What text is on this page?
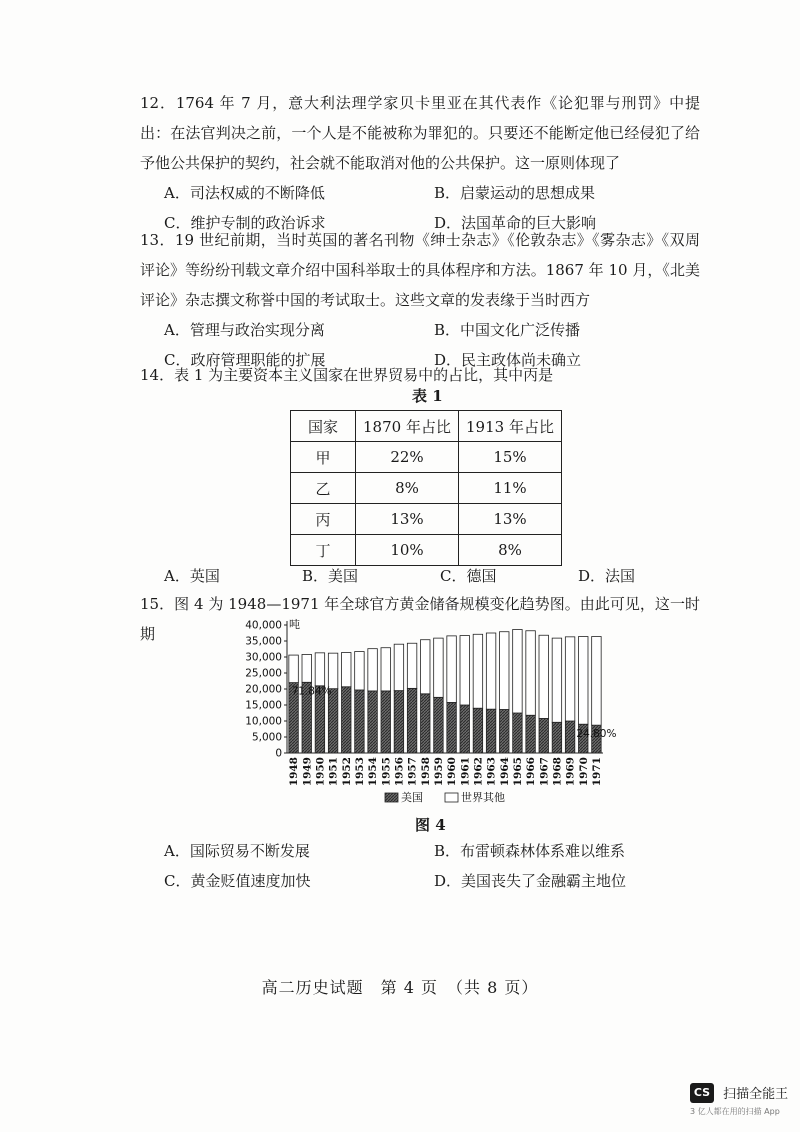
12．1764 年 7 月，意大利法理学家贝卡里亚在其代表作《论犯罪与刑罚》中提出：在法官判决之前，一个人是不能被称为罪犯的。只要还不能断定他已经侵犯了给予他公共保护的契约，社会就不能取消对他的公共保护。这一原则体现了

A．司法权威的不断降低	B．启蒙运动的思想成果
C．维护专制的政治诉求	D．法国革命的巨大影响

13．19 世纪前期，当时英国的著名刊物《绅士杂志》《伦敦杂志》《雾杂志》《双周评论》等纷纷刊载文章介绍中国科举取士的具体程序和方法。1867 年 10 月，《北美评论》杂志撰文称誉中国的考试取士。这些文章的发表缘于当时西方

A．管理与政治实现分离	B．中国文化广泛传播
C．政府管理职能的扩展	D．民主政体尚未确立

14．表 1 为主要资本主义国家在世界贸易中的占比，其中丙是

表 1
国家	1870 年占比	1913 年占比
甲	22%	15%
乙	8%	11%
丙	13%	13%
丁	10%	8%
A．英国	B．美国	C．德国	D．法国

15．图 4 为 1948—1971 年全球官方黄金储备规模变化趋势图。由此可见，这一时期

0
5,000
10,000
15,000
20,000
25,000
30,000
35,000
40,000 吨
1948 1949 1950 1951 1952 1953 1954 1955 1956 1957 1958 1959 1960 1961 1962 1963 1964 1965 1966 1967 1968 1969 1970 1971
71.84%
24.80%
美国	世界其他
图 4
A．国际贸易不断发展	B．布雷顿森林体系难以维系
C．黄金贬值速度加快	D．美国丧失了金融霸主地位
高二历史试题　第 4 页　（共 8 页）
CS 扫描全能王
3 亿人都在用的扫描 App
